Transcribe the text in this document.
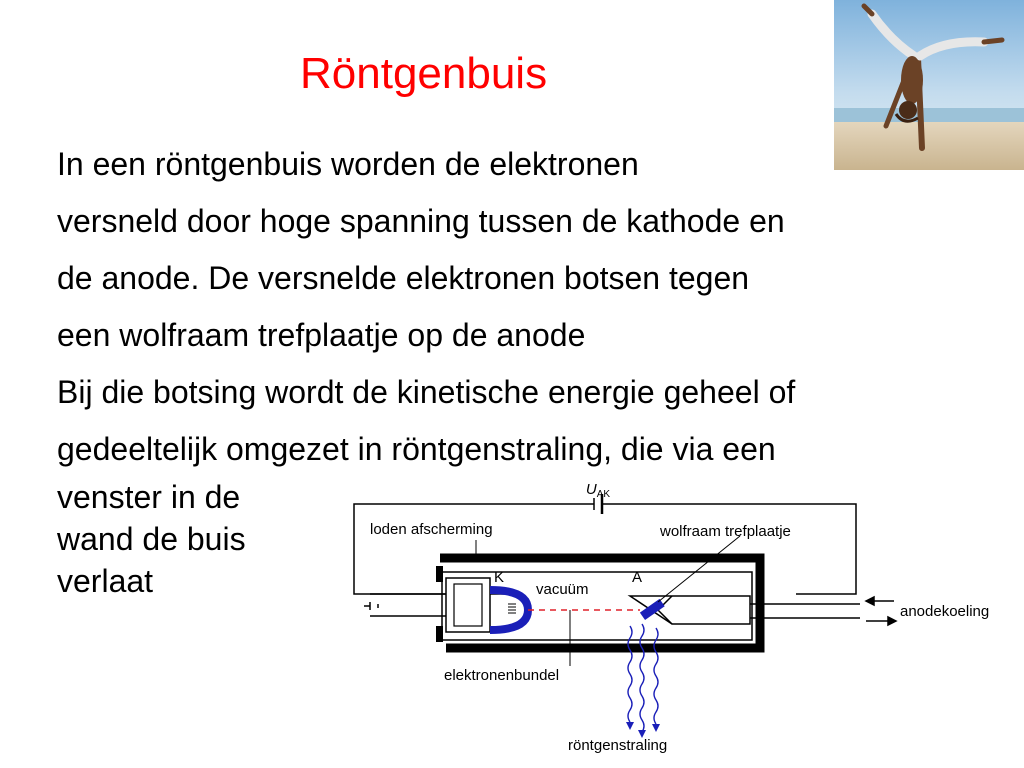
Röntgenbuis
In een röntgenbuis worden de elektronen
versneld door hoge spanning tussen de kathode en
de anode. De versnelde elektronen botsen tegen
een wolfraam trefplaatje op de anode
Bij die botsing wordt de kinetische energie geheel of
gedeeltelijk omgezet in röntgenstraling, die via een
venster in de
wand de buis
verlaat
$U_{AK}$
K
vacuüm
elektronenbundel
A
wolfraam trefplaatje
loden afscherming
anodekoeling
röntgenstraling
